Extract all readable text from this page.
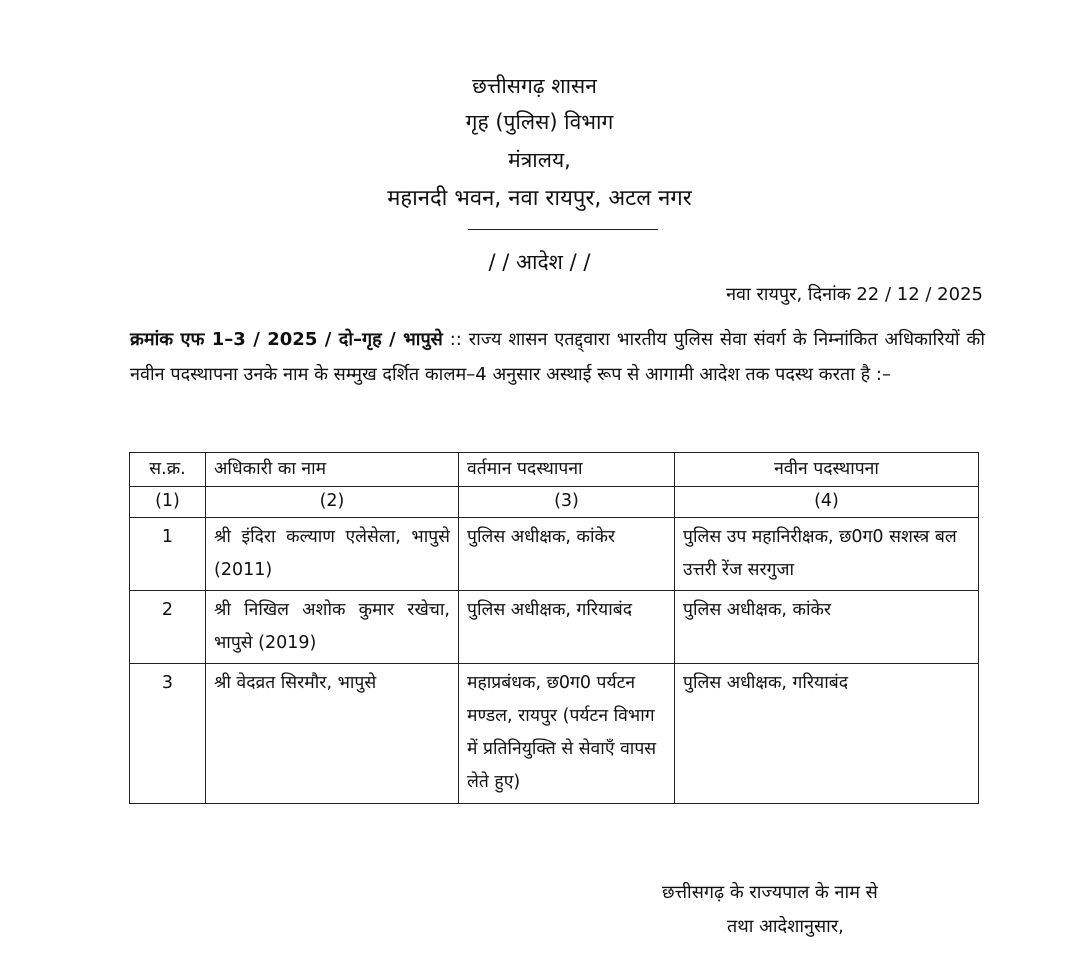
छत्तीसगढ़ शासन
गृह (पुलिस) विभाग
मंत्रालय,
महानदी भवन, नवा रायपुर, अटल नगर
/ / आदेश / /
नवा रायपुर, दिनांक 22 / 12 / 2025

क्रमांक एफ 1–3 / 2025 / दो–गृह / भापुसे :: राज्य शासन एतद्द्वारा भारतीय पुलिस सेवा संवर्ग के निम्नांकित अधिकारियों की नवीन पदस्थापना उनके नाम के सम्मुख दर्शित कालम–4 अनुसार अस्थाई रूप से आगामी आदेश तक पदस्थ करता है :–

स.क्र.	अधिकारी का नाम	वर्तमान पदस्थापना	नवीन पदस्थापना
(1)	(2)	(3)	(4)
1	श्री इंदिरा कल्याण एलेसेला, भापुसे (2011)	पुलिस अधीक्षक, कांकेर	पुलिस उप महानिरीक्षक, छ0ग0 सशस्त्र बल उत्तरी रेंज सरगुजा
2	श्री निखिल अशोक कुमार रखेचा, भापुसे (2019)	पुलिस अधीक्षक, गरियाबंद	पुलिस अधीक्षक, कांकेर
3	श्री वेदव्रत सिरमौर, भापुसे	महाप्रबंधक, छ0ग0 पर्यटन मण्डल, रायपुर (पर्यटन विभाग में प्रतिनियुक्ति से सेवाएँ वापस लेते हुए)	पुलिस अधीक्षक, गरियाबंद
छत्तीसगढ़ के राज्यपाल के नाम से
तथा आदेशानुसार,
